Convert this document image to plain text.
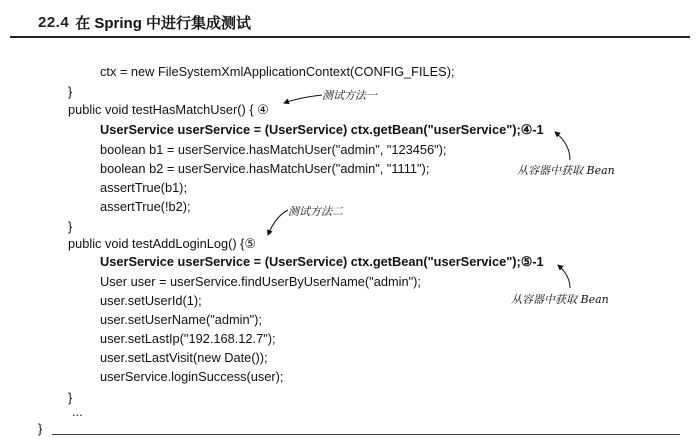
22.4 在 Spring 中进行集成测试
ctx = new FileSystemXmlApplicationContext(CONFIG_FILES);
}
public void testHasMatchUser() { ④
UserService userService = (UserService) ctx.getBean("userService");④-1
boolean b1 = userService.hasMatchUser("admin", "123456");
boolean b2 = userService.hasMatchUser("admin", "1111");
assertTrue(b1);
assertTrue(!b2);
}
public void testAddLoginLog() {⑤
UserService userService = (UserService) ctx.getBean("userService");⑤-1
User user = userService.findUserByUserName("admin");
user.setUserId(1);
user.setUserName("admin");
user.setLastIp("192.168.12.7");
user.setLastVisit(new Date());
userService.loginSuccess(user);
}
...
}
测试方法一
测试方法二
从容器中获取 Bean
从容器中获取 Bean
